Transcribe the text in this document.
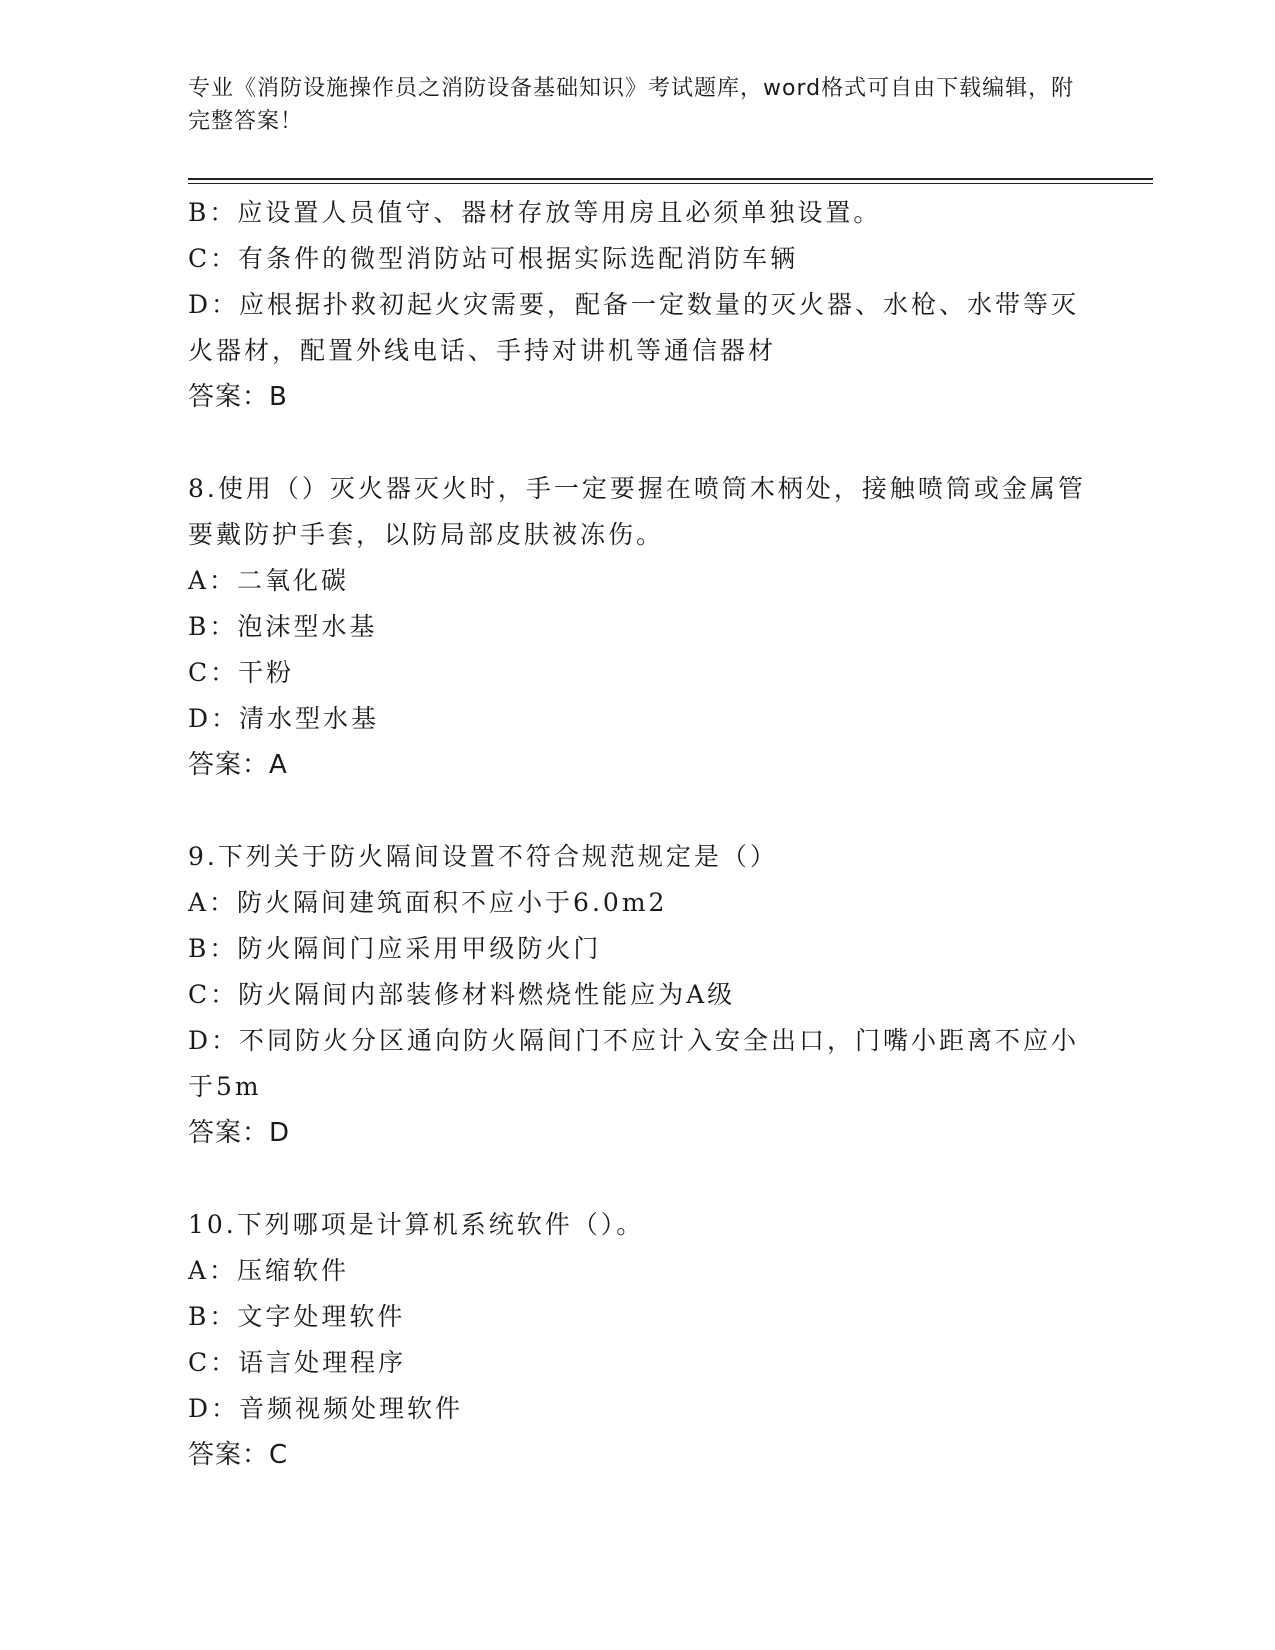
专业《消防设施操作员之消防设备基础知识》考试题库，word格式可自由下载编辑，附完整答案！
B：应设置人员值守、器材存放等用房且必须单独设置。
C：有条件的微型消防站可根据实际选配消防车辆
D：应根据扑救初起火灾需要，配备一定数量的灭火器、水枪、水带等灭火器材，配置外线电话、手持对讲机等通信器材
答案：B
8.使用（）灭火器灭火时，手一定要握在喷筒木柄处，接触喷筒或金属管要戴防护手套，以防局部皮肤被冻伤。
A：二氧化碳
B：泡沫型水基
C：干粉
D：清水型水基
答案：A
9.下列关于防火隔间设置不符合规范规定是（）
A：防火隔间建筑面积不应小于6.0m2
B：防火隔间门应采用甲级防火门
C：防火隔间内部装修材料燃烧性能应为A级
D：不同防火分区通向防火隔间门不应计入安全出口，门嘴小距离不应小于5m
答案：D
10.下列哪项是计算机系统软件（）。
A：压缩软件
B：文字处理软件
C：语言处理程序
D：音频视频处理软件
答案：C
